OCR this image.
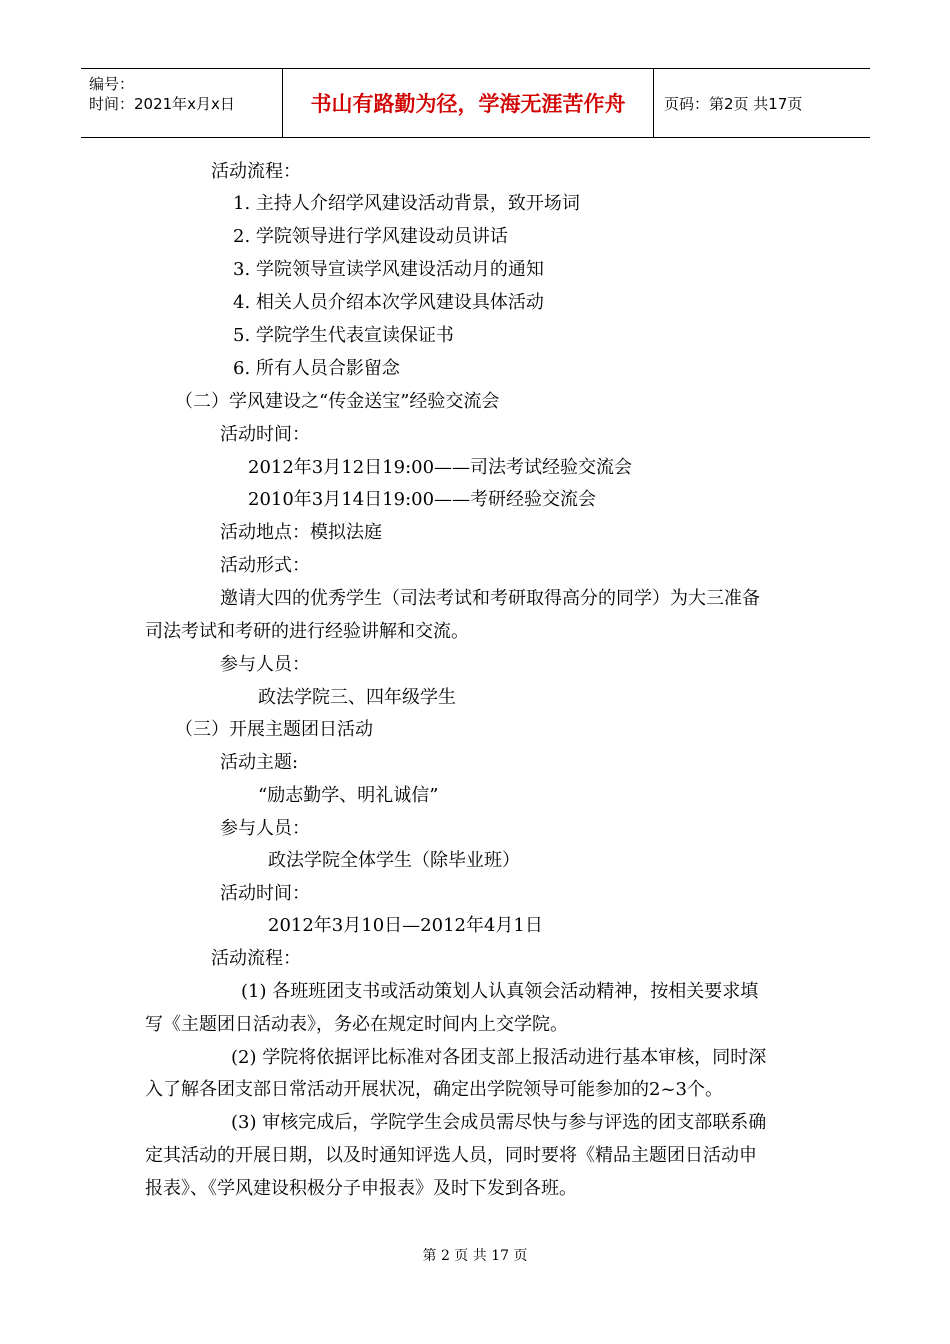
编号：
时间：2021年x月x日	书山有路勤为径，学海无涯苦作舟	页码：第2页 共17页
活动流程：
1. 主持人介绍学风建设活动背景，致开场词
2. 学院领导进行学风建设动员讲话
3. 学院领导宣读学风建设活动月的通知
4. 相关人员介绍本次学风建设具体活动
5. 学院学生代表宣读保证书
6. 所有人员合影留念
（二）学风建设之“传金送宝”经验交流会
活动时间：
2012年3月12日19:00——司法考试经验交流会
2010年3月14日19:00——考研经验交流会
活动地点：模拟法庭
活动形式：
邀请大四的优秀学生（司法考试和考研取得高分的同学）为大三准备
司法考试和考研的进行经验讲解和交流。
参与人员：
政法学院三、四年级学生
（三）开展主题团日活动
活动主题:
“励志勤学、明礼诚信”
参与人员：
政法学院全体学生（除毕业班）
活动时间：
2012年3月10日—2012年4月1日
活动流程：
(1) 各班班团支书或活动策划人认真领会活动精神，按相关要求填
写《主题团日活动表》，务必在规定时间内上交学院。
(2) 学院将依据评比标准对各团支部上报活动进行基本审核，同时深
入了解各团支部日常活动开展状况，确定出学院领导可能参加的2~3个。
(3) 审核完成后，学院学生会成员需尽快与参与评选的团支部联系确
定其活动的开展日期，以及时通知评选人员，同时要将《精品主题团日活动申
报表》、《学风建设积极分子申报表》及时下发到各班。
第 2 页 共 17 页
